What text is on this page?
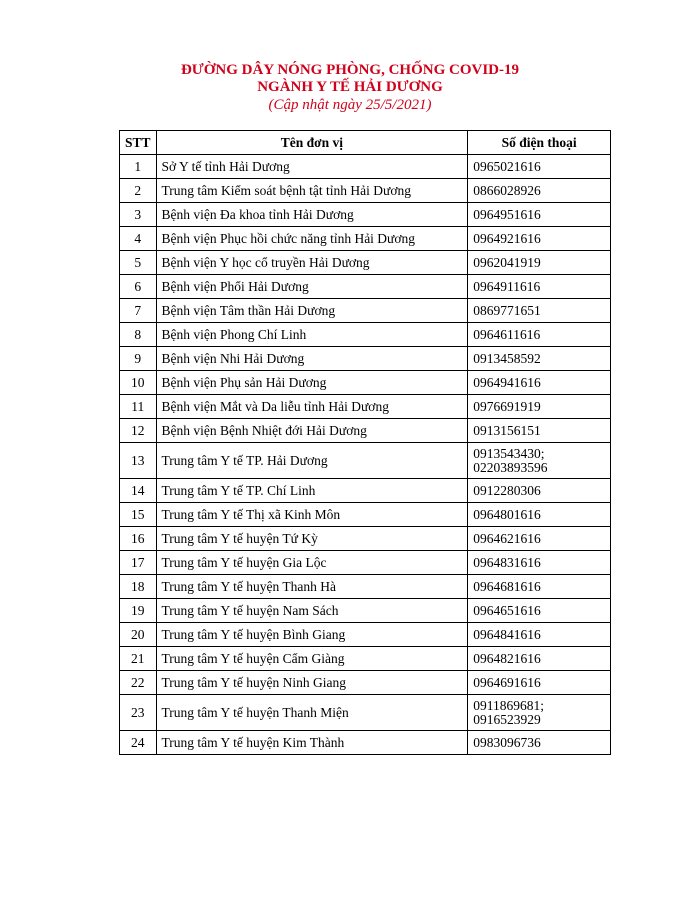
ĐƯỜNG DÂY NÓNG PHÒNG, CHỐNG COVID-19
NGÀNH Y TẾ HẢI DƯƠNG
(Cập nhật ngày 25/5/2021)
STT	Tên đơn vị	Số điện thoại
1	Sở Y tế tỉnh Hải Dương	0965021616

2	Trung tâm Kiểm soát bệnh tật tỉnh Hải Dương	0866028926

3	Bệnh viện Đa khoa tỉnh Hải Dương	0964951616

4	Bệnh viện Phục hồi chức năng tỉnh Hải Dương	0964921616

5	Bệnh viện Y học cổ truyền Hải Dương	0962041919

6	Bệnh viện Phổi Hải Dương	0964911616

7	Bệnh viện Tâm thần Hải Dương	0869771651

8	Bệnh viện Phong Chí Linh	0964611616

9	Bệnh viện Nhi Hải Dương	0913458592

10	Bệnh viện Phụ sản Hải Dương	0964941616

11	Bệnh viện Mắt và Da liễu tỉnh Hải Dương	0976691919

12	Bệnh viện Bệnh Nhiệt đới Hải Dương	0913156151

13	Trung tâm Y tế TP. Hải Dương	0913543430;
02203893596

14	Trung tâm Y tế TP. Chí Linh	0912280306

15	Trung tâm Y tế Thị xã Kinh Môn	0964801616

16	Trung tâm Y tế huyện Tứ Kỳ	0964621616

17	Trung tâm Y tế huyện Gia Lộc	0964831616

18	Trung tâm Y tế huyện Thanh Hà	0964681616

19	Trung tâm Y tế huyện Nam Sách	0964651616

20	Trung tâm Y tế huyện Bình Giang	0964841616

21	Trung tâm Y tế huyện Cẩm Giàng	0964821616

22	Trung tâm Y tế huyện Ninh Giang	0964691616

23	Trung tâm Y tế huyện Thanh Miện	0911869681;
0916523929

24	Trung tâm Y tế huyện Kim Thành	0983096736
